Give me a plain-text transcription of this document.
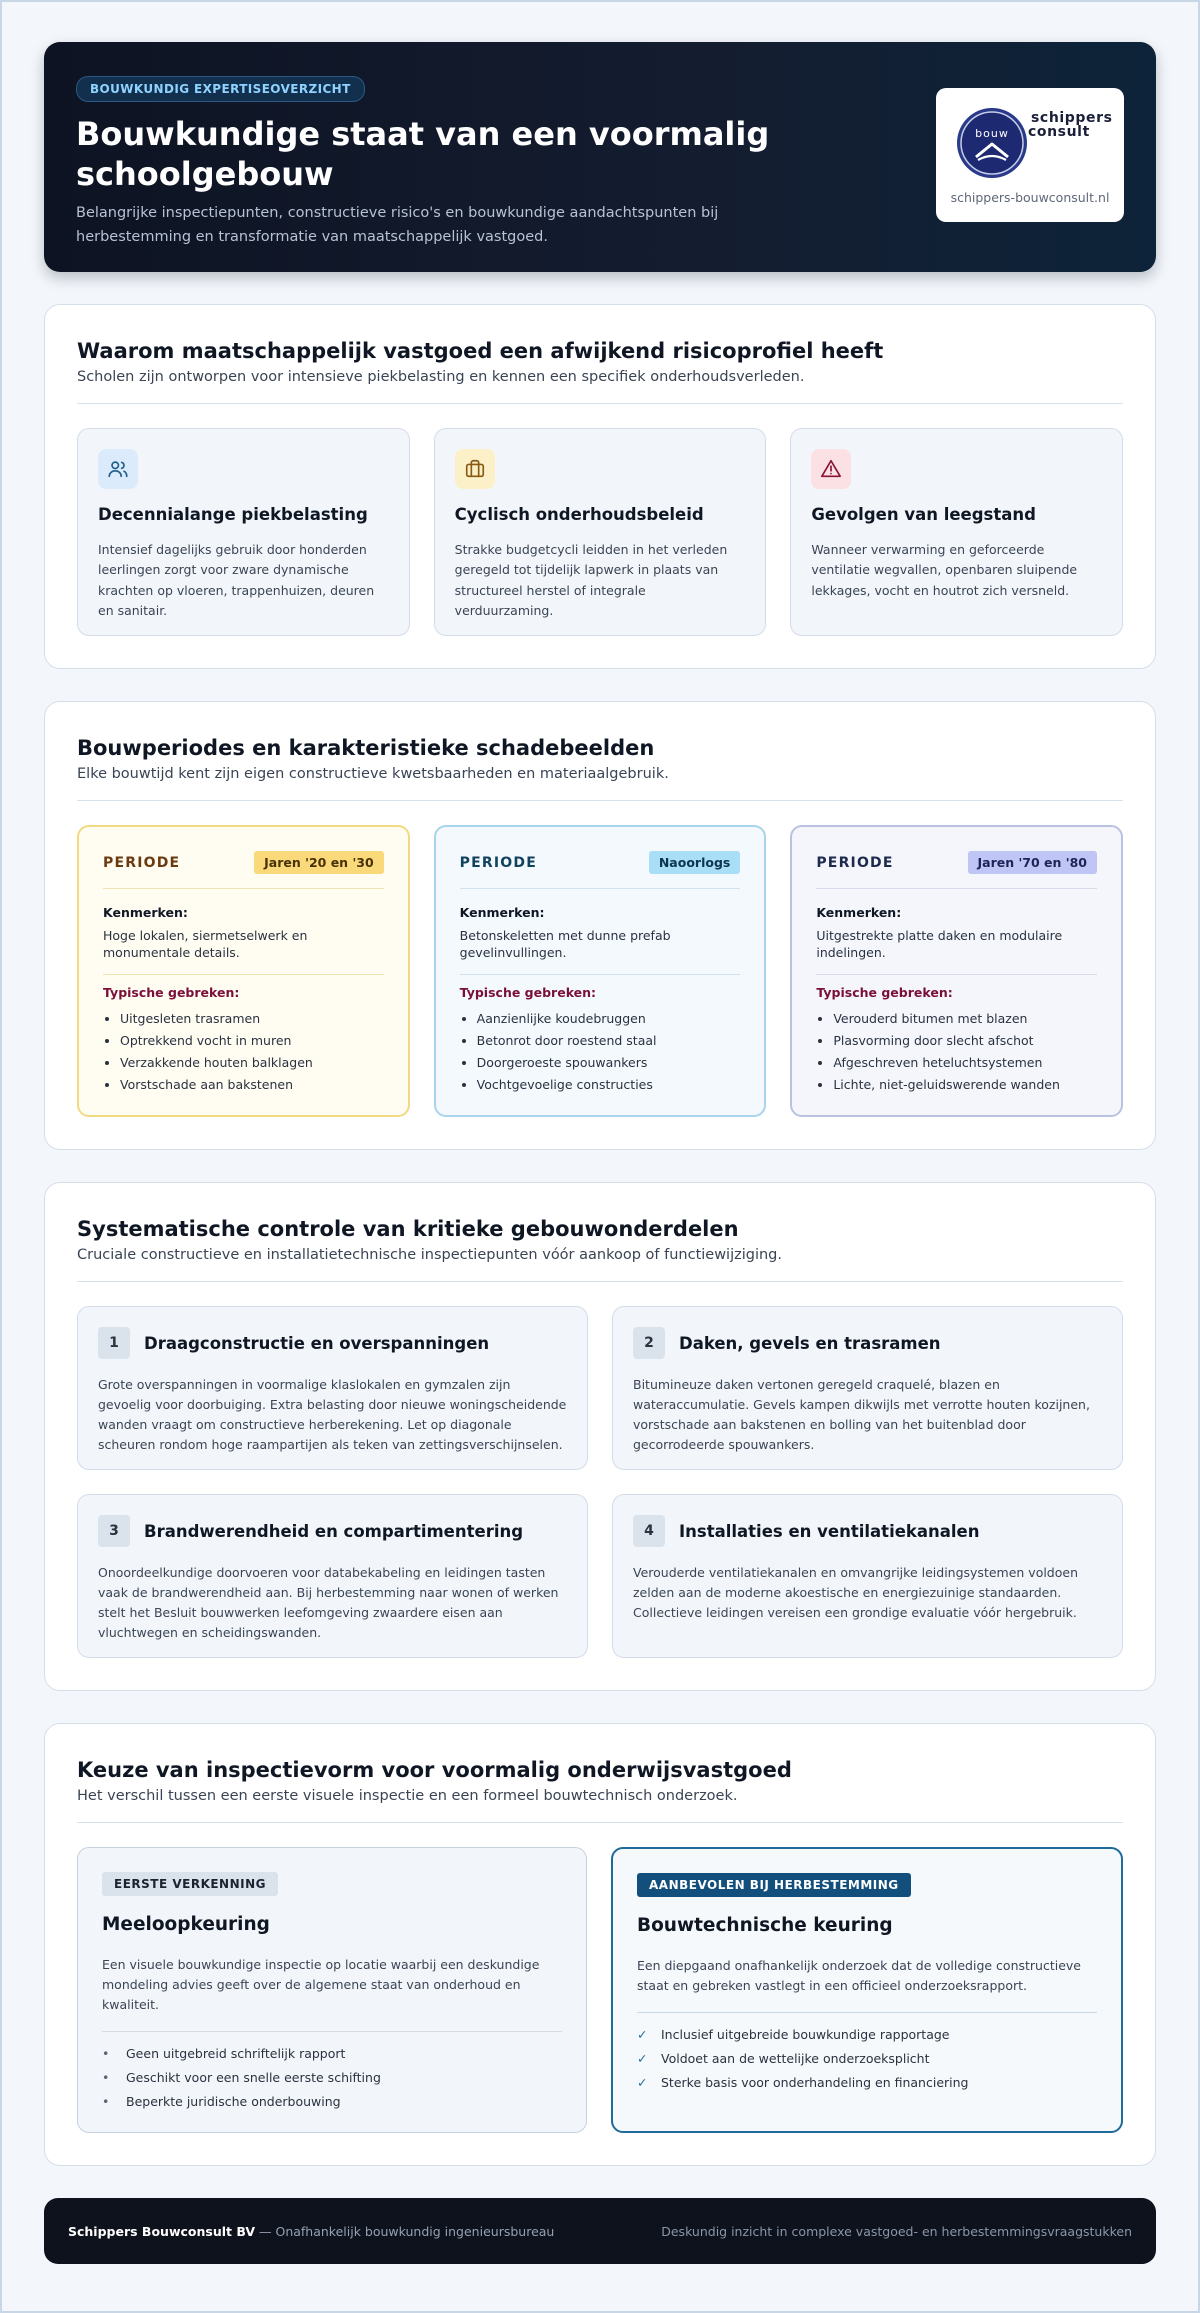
BOUWKUNDIG EXPERTISEOVERZICHT
Bouwkundige staat van een voormalig schoolgebouw

Belangrijke inspectiepunten, constructieve risico's en bouwkundige aandachtspunten bij herbestemming en transformatie van maatschappelijk vastgoed.

bouw
schippers
consult
schippers-bouwconsult.nl
Waarom maatschappelijk vastgoed een afwijkend risicoprofiel heeft

Scholen zijn ontworpen voor intensieve piekbelasting en kennen een specifiek onderhoudsverleden.

Decennialange piekbelasting

Intensief dagelijks gebruik door honderden leerlingen zorgt voor zware dynamische krachten op vloeren, trappenhuizen, deuren en sanitair.

Cyclisch onderhoudsbeleid

Strakke budgetcycli leidden in het verleden geregeld tot tijdelijk lapwerk in plaats van structureel herstel of integrale verduurzaming.

Gevolgen van leegstand

Wanneer verwarming en geforceerde ventilatie wegvallen, openbaren sluipende lekkages, vocht en houtrot zich versneld.

Bouwperiodes en karakteristieke schadebeelden

Elke bouwtijd kent zijn eigen constructieve kwetsbaarheden en materiaalgebruik.

PERIODE	Jaren '20 en '30
Kenmerken:
Hoge lokalen, siermetselwerk en monumentale details.
Typische gebreken:
• Uitgesleten trasramen
• Optrekkend vocht in muren
• Verzakkende houten balklagen
• Vorstschade aan bakstenen
PERIODE	Naoorlogs
Kenmerken:
Betonskeletten met dunne prefab gevelinvullingen.
Typische gebreken:
• Aanzienlijke koudebruggen
• Betonrot door roestend staal
• Doorgeroeste spouwankers
• Vochtgevoelige constructies
PERIODE	Jaren '70 en '80
Kenmerken:
Uitgestrekte platte daken en modulaire indelingen.
Typische gebreken:
• Verouderd bitumen met blazen
• Plasvorming door slecht afschot
• Afgeschreven heteluchtsystemen
• Lichte, niet-geluidswerende wanden
Systematische controle van kritieke gebouwonderdelen

Cruciale constructieve en installatietechnische inspectiepunten vóór aankoop of functiewijziging.

1	Draagconstructie en overspanningen

Grote overspanningen in voormalige klaslokalen en gymzalen zijn gevoelig voor doorbuiging. Extra belasting door nieuwe woningscheidende wanden vraagt om constructieve herberekening. Let op diagonale scheuren rondom hoge raampartijen als teken van zettingsverschijnselen.

2	Daken, gevels en trasramen

Bitumineuze daken vertonen geregeld craquelé, blazen en wateraccumulatie. Gevels kampen dikwijls met verrotte houten kozijnen, vorstschade aan bakstenen en bolling van het buitenblad door gecorrodeerde spouwankers.

3	Brandwerendheid en compartimentering

Onoordeelkundige doorvoeren voor databekabeling en leidingen tasten vaak de brandwerendheid aan. Bij herbestemming naar wonen of werken stelt het Besluit bouwwerken leefomgeving zwaardere eisen aan vluchtwegen en scheidingswanden.

4	Installaties en ventilatiekanalen

Verouderde ventilatiekanalen en omvangrijke leidingsystemen voldoen zelden aan de moderne akoestische en energiezuinige standaarden. Collectieve leidingen vereisen een grondige evaluatie vóór hergebruik.

Keuze van inspectievorm voor voormalig onderwijsvastgoed

Het verschil tussen een eerste visuele inspectie en een formeel bouwtechnisch onderzoek.

EERSTE VERKENNING
Meeloopkeuring

Een visuele bouwkundige inspectie op locatie waarbij een deskundige mondeling advies geeft over de algemene staat van onderhoud en kwaliteit.

•	Geen uitgebreid schriftelijk rapport
•	Geschikt voor een snelle eerste schifting
•	Beperkte juridische onderbouwing
AANBEVOLEN BIJ HERBESTEMMING
Bouwtechnische keuring

Een diepgaand onafhankelijk onderzoek dat de volledige constructieve staat en gebreken vastlegt in een officieel onderzoeksrapport.

✓	Inclusief uitgebreide bouwkundige rapportage
✓	Voldoet aan de wettelijke onderzoeksplicht
✓	Sterke basis voor onderhandeling en financiering
Schippers Bouwconsult BV — Onafhankelijk bouwkundig ingenieursbureau	Deskundig inzicht in complexe vastgoed- en herbestemmingsvraagstukken
